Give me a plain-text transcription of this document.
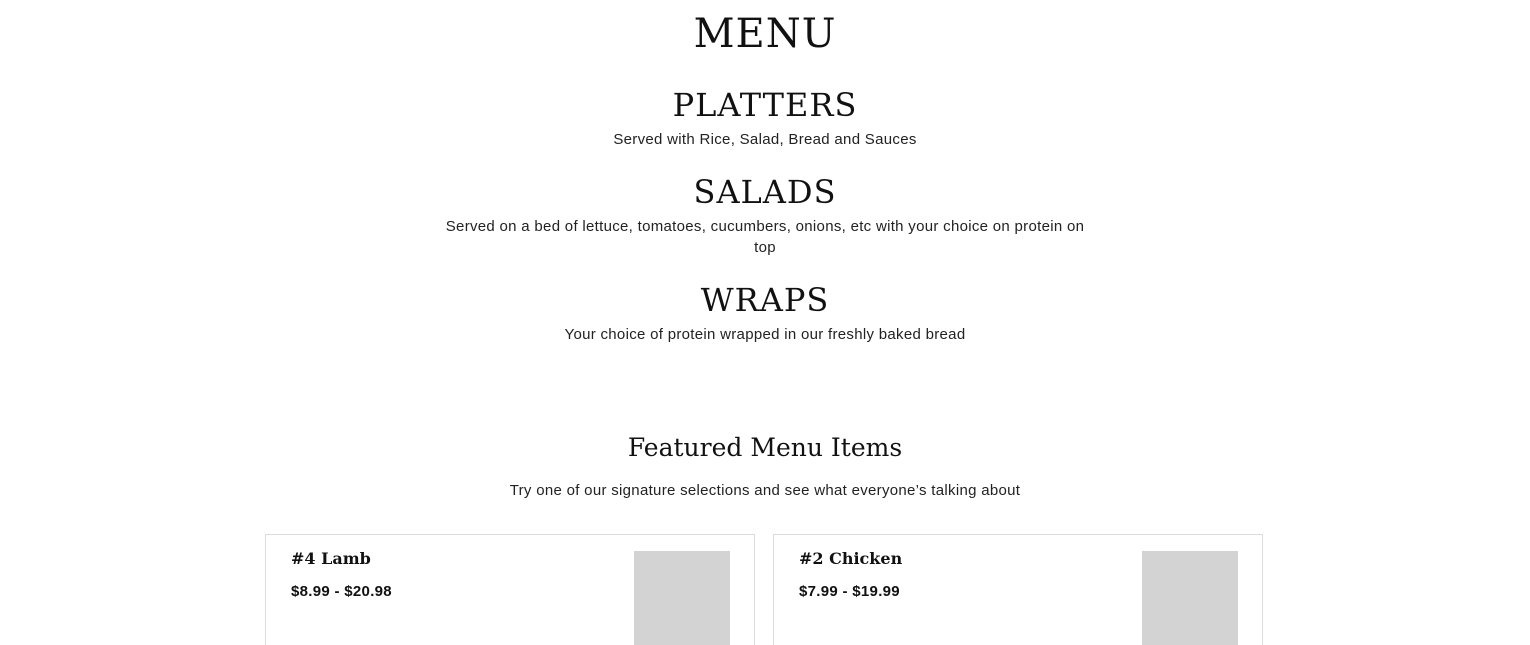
MENU
PLATTERS

Served with Rice, Salad, Bread and Sauces

SALADS

Served on a bed of lettuce, tomatoes, cucumbers, onions, etc with your choice on protein on top

WRAPS

Your choice of protein wrapped in our freshly baked bread

Featured Menu Items

Try one of our signature selections and see what everyone’s talking about

#4 Lamb
$8.99 - $20.98
#2 Chicken
$7.99 - $19.99
